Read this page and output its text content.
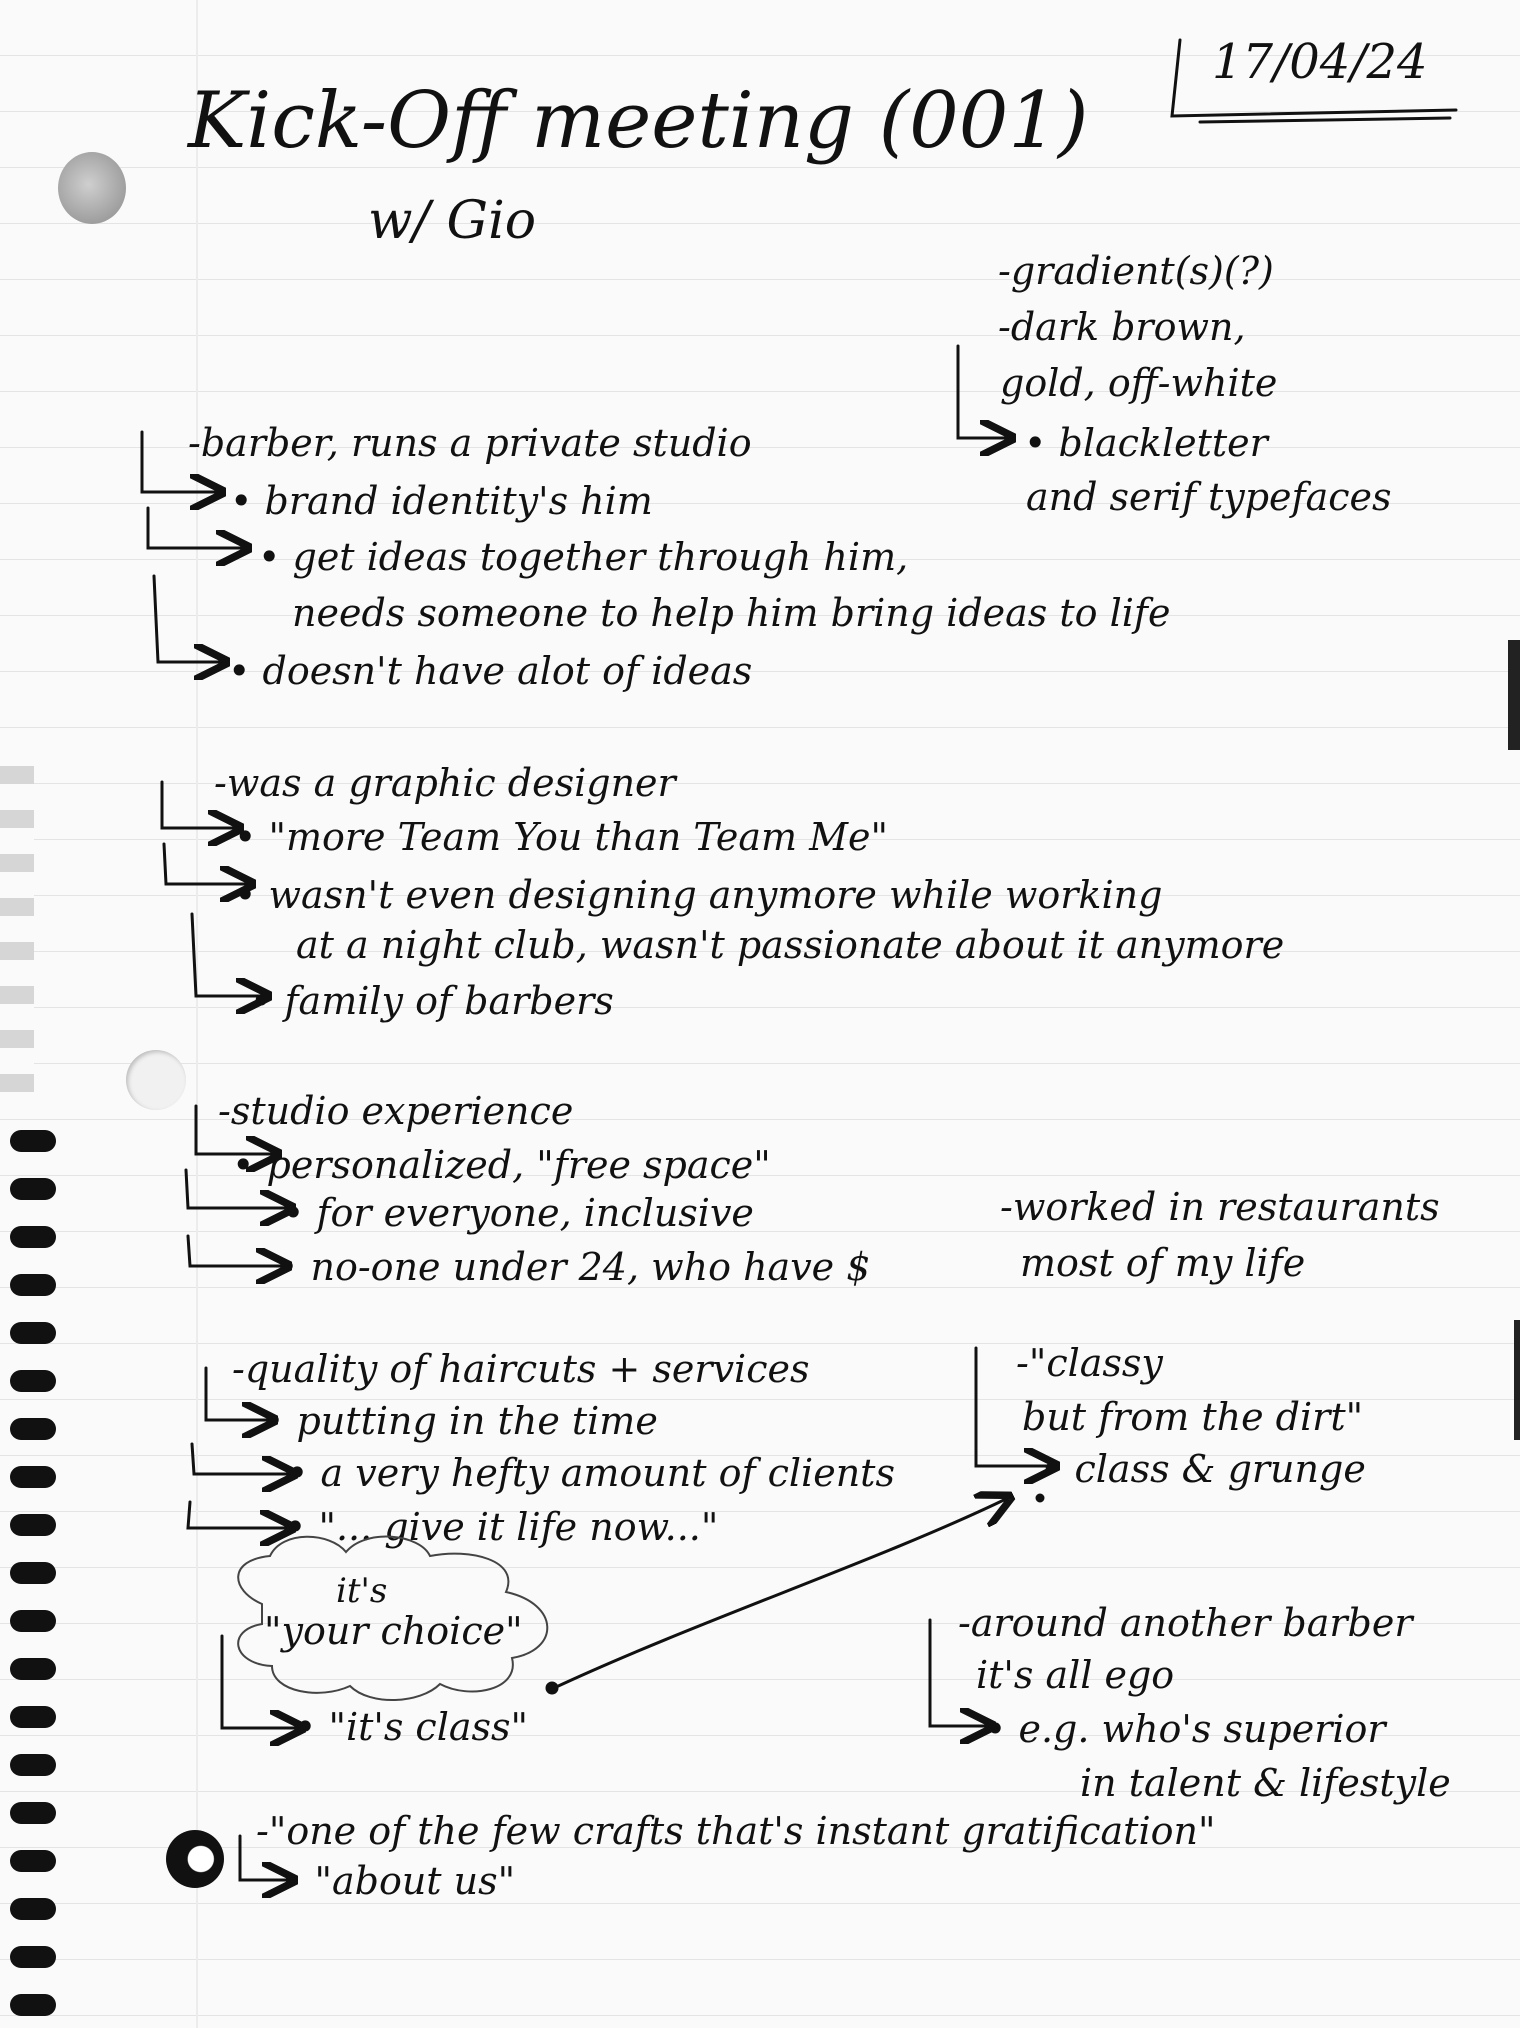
17/04/24
Kick-Off meeting (001)
w/ Gio
-gradient(s)(?)
-dark brown,
gold, off-white
• blackletter
and serif typefaces
-barber, runs a private studio
• brand identity's him
• get ideas together through him,
needs someone to help him bring ideas to life
• doesn't have alot of ideas
-was a graphic designer
• "more Team You than Team Me"
• wasn't even designing anymore while working
at a night club, wasn't passionate about it anymore
• family of barbers
-studio experience
• personalized, "free space"
• for everyone, inclusive
• no-one under 24, who have $
-worked in restaurants
most of my life
-quality of haircuts + services
• putting in the time
• a very hefty amount of clients
• "... give it life now..."
it's
"your choice"
• "it's class"
-"classy
but from the dirt"
• class & grunge
-around another barber
it's all ego
• e.g. who's superior
in talent & lifestyle
-"one of the few crafts that's instant gratification"
• "about us"
